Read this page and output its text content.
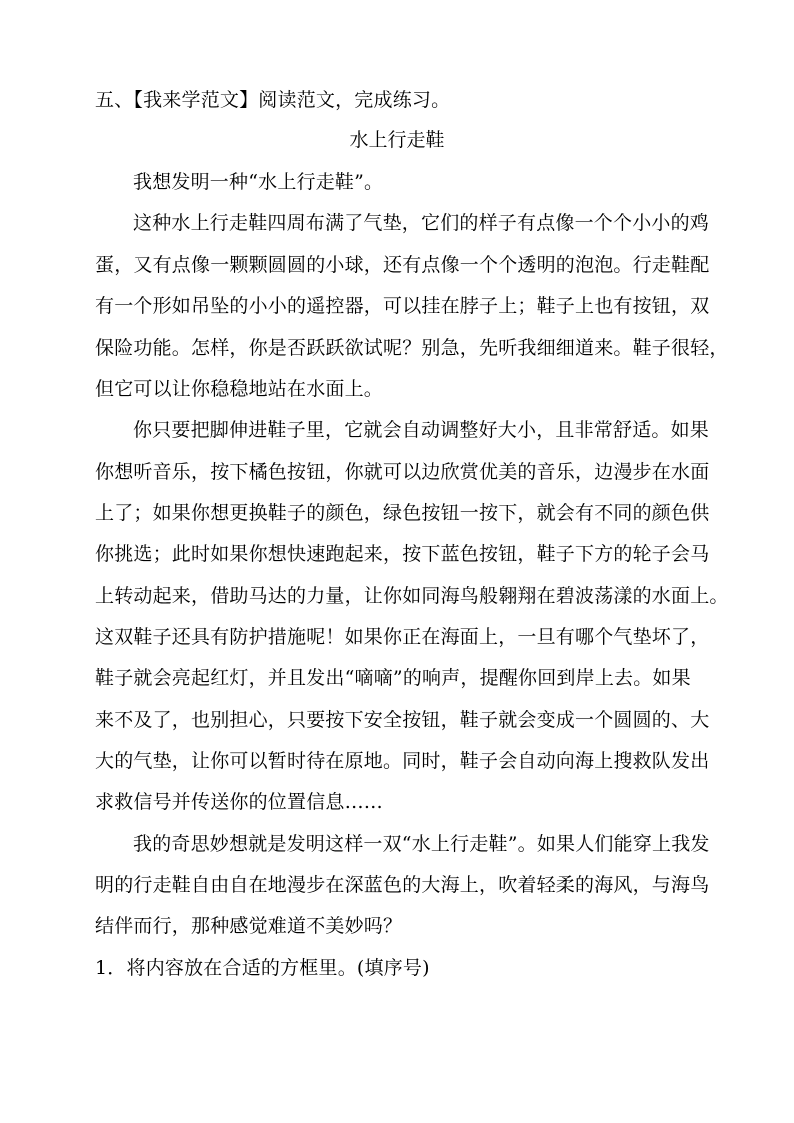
五、【我来学范文】阅读范文，完成练习。
水上行走鞋
我想发明一种“水上行走鞋”。
这种水上行走鞋四周布满了气垫，它们的样子有点像一个个小小的鸡
蛋，又有点像一颗颗圆圆的小球，还有点像一个个透明的泡泡。行走鞋配
有一个形如吊坠的小小的遥控器，可以挂在脖子上；鞋子上也有按钮，双
保险功能。怎样，你是否跃跃欲试呢？别急，先听我细细道来。鞋子很轻，
但它可以让你稳稳地站在水面上。
你只要把脚伸进鞋子里，它就会自动调整好大小，且非常舒适。如果
你想听音乐，按下橘色按钮，你就可以边欣赏优美的音乐，边漫步在水面
上了；如果你想更换鞋子的颜色，绿色按钮一按下，就会有不同的颜色供
你挑选；此时如果你想快速跑起来，按下蓝色按钮，鞋子下方的轮子会马
上转动起来，借助马达的力量，让你如同海鸟般翱翔在碧波荡漾的水面上。
这双鞋子还具有防护措施呢！如果你正在海面上，一旦有哪个气垫坏了，
鞋子就会亮起红灯，并且发出“嘀嘀”的响声，提醒你回到岸上去。如果
来不及了，也别担心，只要按下安全按钮，鞋子就会变成一个圆圆的、大
大的气垫，让你可以暂时待在原地。同时，鞋子会自动向海上搜救队发出
求救信号并传送你的位置信息……
我的奇思妙想就是发明这样一双“水上行走鞋”。如果人们能穿上我发
明的行走鞋自由自在地漫步在深蓝色的大海上，吹着轻柔的海风，与海鸟
结伴而行，那种感觉难道不美妙吗？
1．将内容放在合适的方框里。(填序号)
